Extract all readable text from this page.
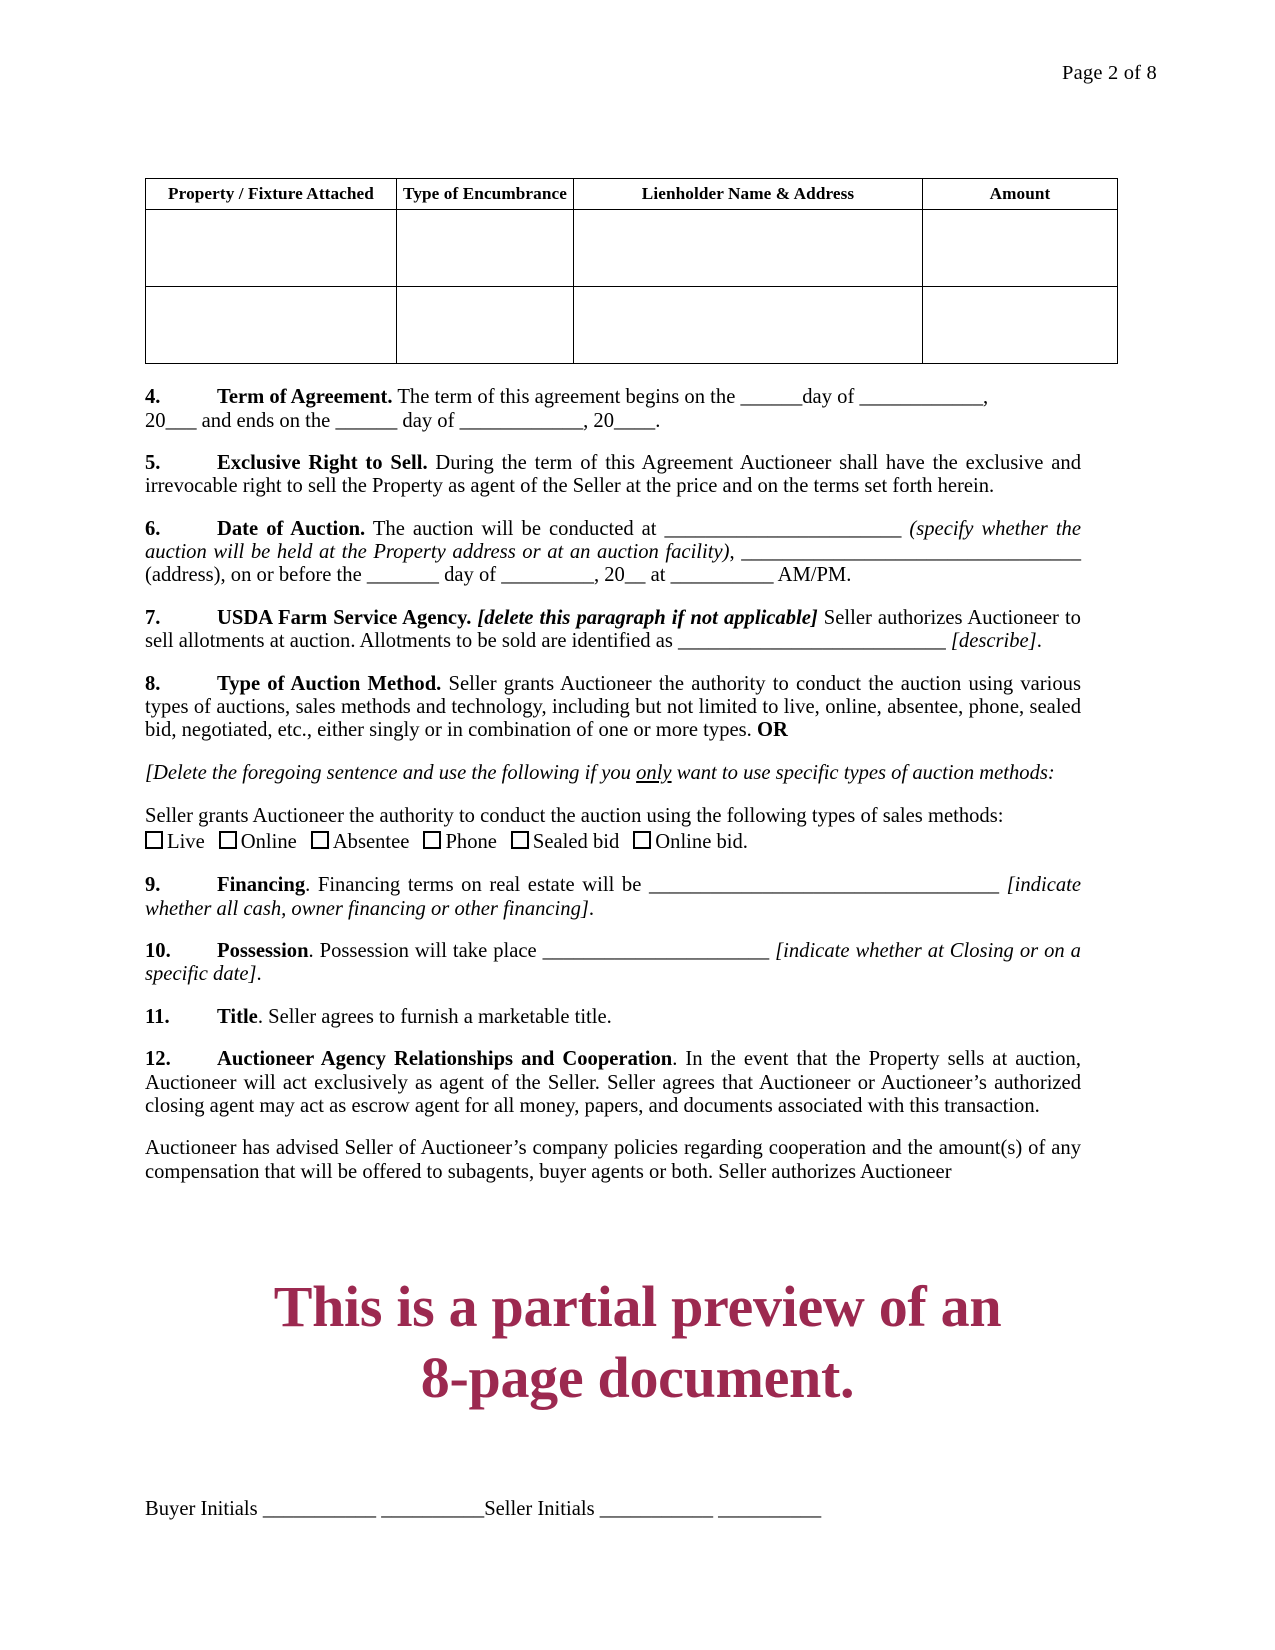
Page 2 of 8
Property / Fixture Attached	Type of Encumbrance	Lienholder Name & Address	Amount

4.	Term of Agreement. The term of this agreement begins on the ______day of ____________,
20___ and ends on the ______ day of ____________, 20____.

5.	Exclusive Right to Sell. During the term of this Agreement Auctioneer shall have the exclusive and irrevocable right to sell the Property as agent of the Seller at the price and on the terms set forth herein.

6.	Date of Auction. The auction will be conducted at _______________________ (specify whether the auction will be held at the Property address or at an auction facility), _________________________________ (address), on or before the _______ day of _________, 20__ at __________ AM/PM.

7.	USDA Farm Service Agency. [delete this paragraph if not applicable] Seller authorizes Auctioneer to sell allotments at auction. Allotments to be sold are identified as __________________________ [describe].

8.	Type of Auction Method. Seller grants Auctioneer the authority to conduct the auction using various types of auctions, sales methods and technology, including but not limited to live, online, absentee, phone, sealed bid, negotiated, etc., either singly or in combination of one or more types. OR

[Delete the foregoing sentence and use the following if you only want to use specific types of auction methods:

Seller grants Auctioneer the authority to conduct the auction using the following types of sales methods:
Live Online Absentee Phone Sealed bid Online bid.

9.	Financing. Financing terms on real estate will be __________________________________ [indicate whether all cash, owner financing or other financing].

10. Possession. Possession will take place ______________________ [indicate whether at Closing or on a specific date].

11. Title. Seller agrees to furnish a marketable title.

12. Auctioneer Agency Relationships and Cooperation. In the event that the Property sells at auction, Auctioneer will act exclusively as agent of the Seller. Seller agrees that Auctioneer or Auctioneer’s authorized closing agent may act as escrow agent for all money, papers, and documents associated with this transaction.

Auctioneer has advised Seller of Auctioneer’s company policies regarding cooperation and the amount(s) of any compensation that will be offered to subagents, buyer agents or both. Seller authorizes Auctioneer

This is a partial preview of an
8-page document.
Buyer Initials ___________ __________Seller Initials ___________ __________
